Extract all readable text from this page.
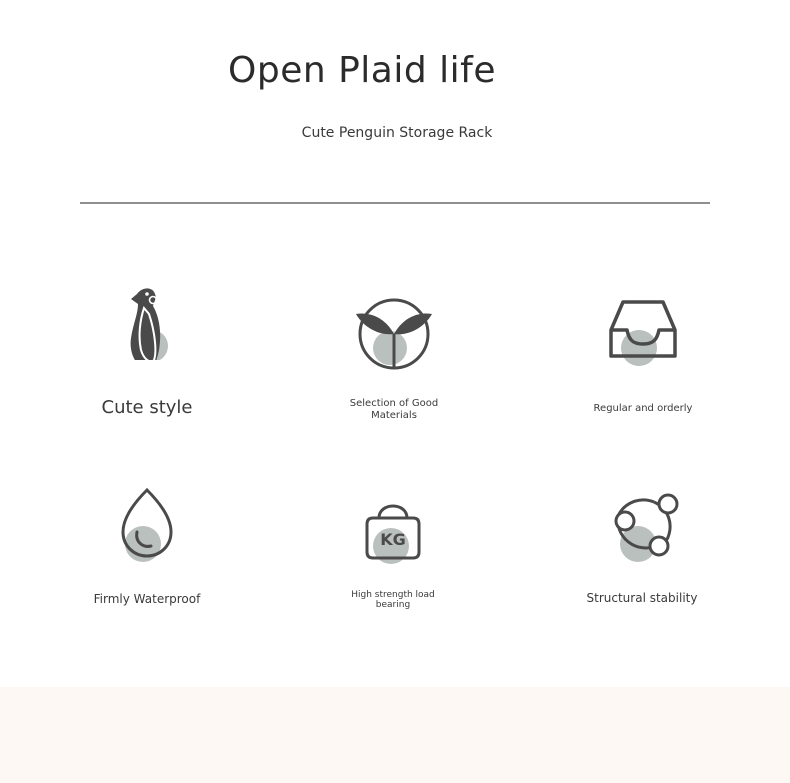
Open Plaid life
Cute Penguin Storage Rack
Cute style	Selection of Good
Materials
Regular and orderly
Firmly Waterproof
KG
High strength load
bearing
Structural stability
